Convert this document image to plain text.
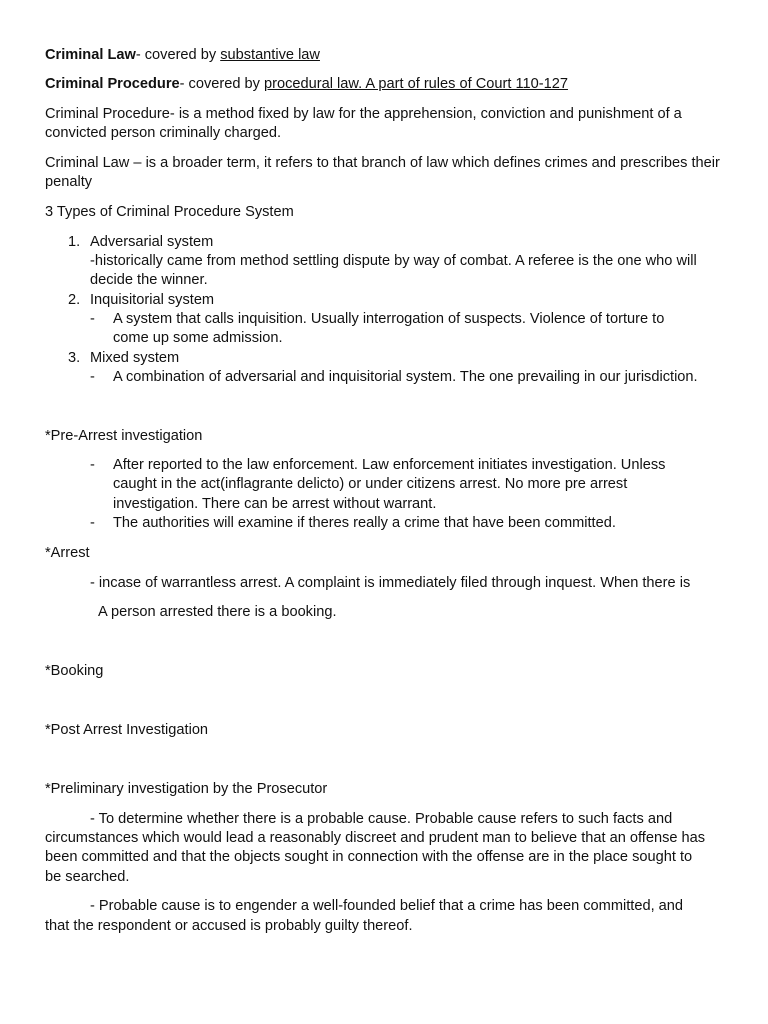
Criminal Law- covered by substantive law
Criminal Procedure- covered by procedural law. A part of rules of Court 110-127
Criminal Procedure- is a method fixed by law for the apprehension, conviction and punishment of a convicted person criminally charged.
Criminal Law – is a broader term, it refers to that branch of law which defines crimes and prescribes their penalty
3 Types of Criminal Procedure System
1. Adversarial system
-historically came from method settling dispute by way of combat. A referee is the one who will decide the winner.
2. Inquisitorial system
- A system that calls inquisition. Usually interrogation of suspects. Violence of torture to come up some admission.
3. Mixed system
- A combination of adversarial and inquisitorial system. The one prevailing in our jurisdiction.
*Pre-Arrest investigation
- After reported to the law enforcement. Law enforcement initiates investigation. Unless caught in the act(inflagrante delicto) or under citizens arrest. No more pre arrest investigation. There can be arrest without warrant.
- The authorities will examine if theres really a crime that have been committed.
*Arrest
- incase of warrantless arrest. A complaint is immediately filed through inquest. When there is
A person arrested there is a booking.
*Booking
*Post Arrest Investigation
*Preliminary investigation by the Prosecutor
- To determine whether there is a probable cause. Probable cause refers to such facts and
circumstances which would lead a reasonably discreet and prudent man to believe that an offense has been committed and that the objects sought in connection with the offense are in the place sought to be searched.
- Probable cause is to engender a well-founded belief that a crime has been committed, and
that the respondent or accused is probably guilty thereof.
